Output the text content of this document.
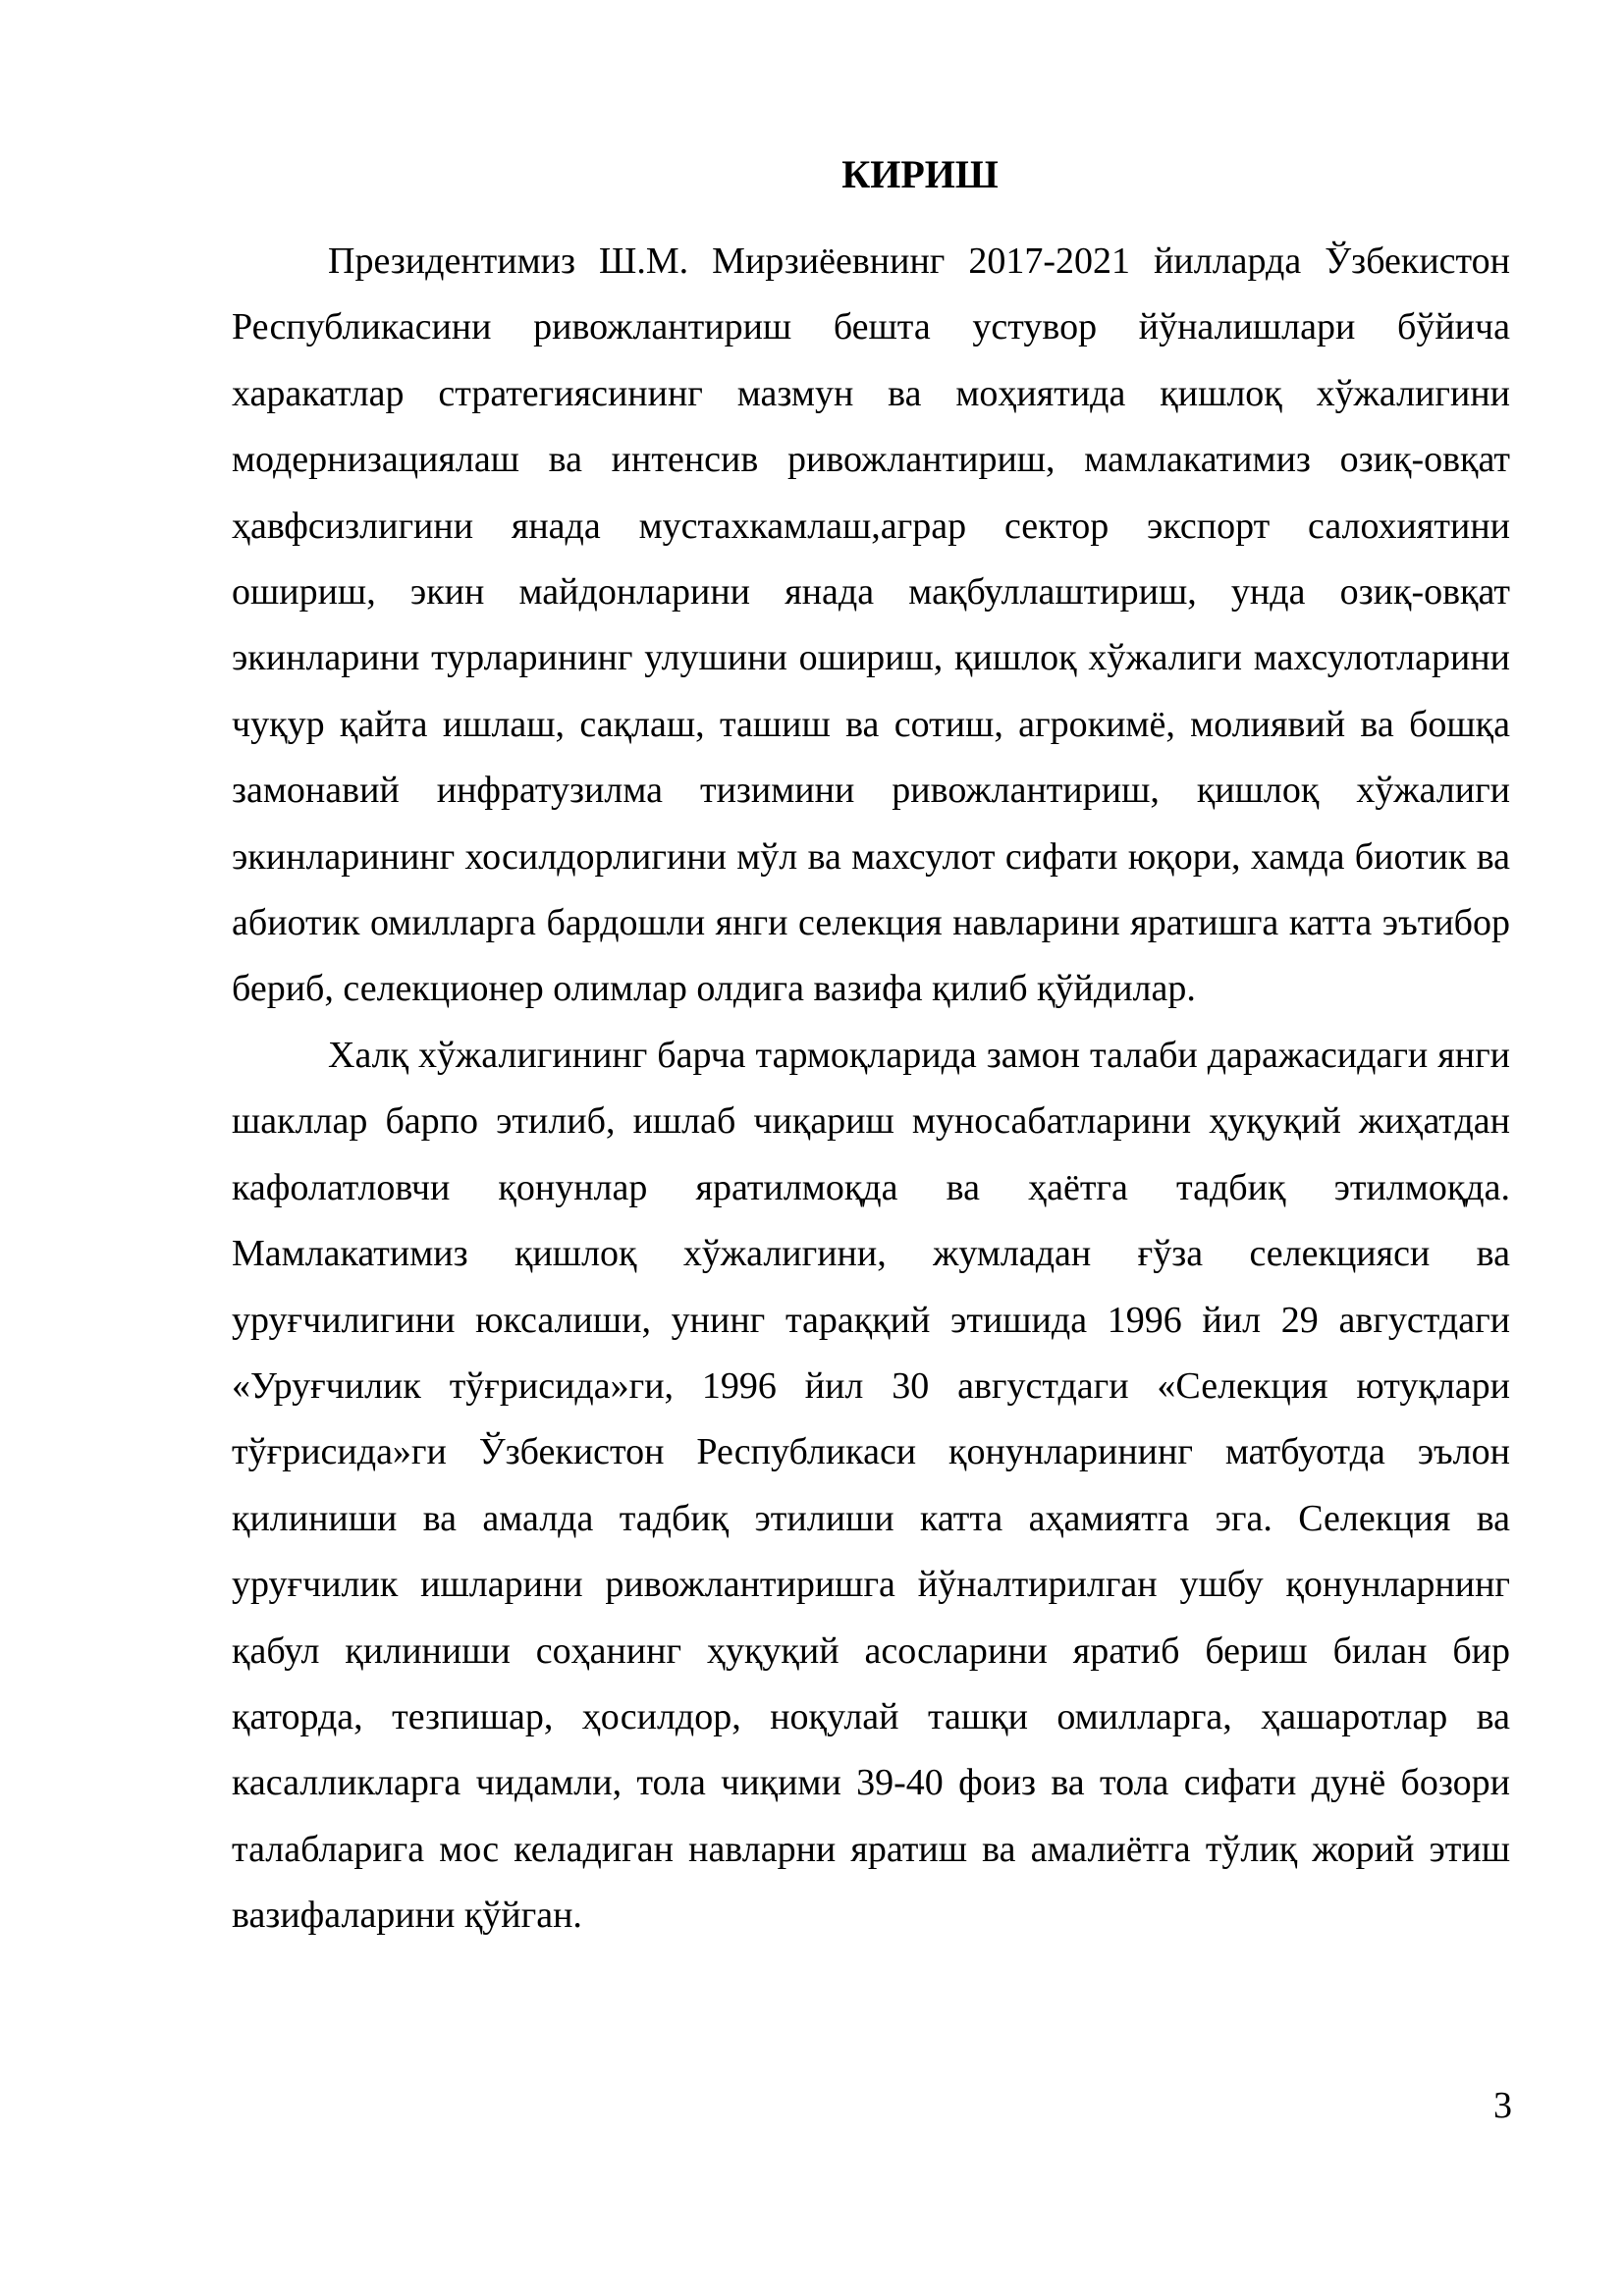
КИРИШ

Президентимиз Ш.М. Мирзиёевнинг 2017-2021 йилларда Ўзбекистон Республикасини ривожлантириш бешта устувор йўналишлари бўйича харакатлар стратегиясининг мазмун ва моҳиятида қишлоқ хўжалигини модернизациялаш ва интенсив ривожлантириш, мамлакатимиз озиқ-овқат ҳавфсизлигини янада мустахкамлаш,аграр сектор экспорт салохиятини ошириш, экин майдонларини янада мақбуллаштириш, унда озиқ-овқат экинларини турларининг улушини ошириш, қишлоқ хўжалиги махсулотларини чуқур қайта ишлаш, сақлаш, ташиш ва сотиш, агрокимё, молиявий ва бошқа замонавий инфратузилма тизимини ривожлантириш, қишлоқ хўжалиги экинларининг хосилдорлигини мўл ва махсулот сифати юқори, хамда биотик ва абиотик омилларга бардошли янги селекция навларини яратишга катта эътибор бериб, селекционер олимлар олдига вазифа қилиб қўйдилар.

Халқ хўжалигининг барча тармоқларида замон талаби даражасидаги янги шакллар барпо этилиб, ишлаб чиқариш муносабатларини ҳуқуқий жиҳатдан кафолатловчи қонунлар яратилмоқда ва ҳаётга тадбиқ этилмоқда. Мамлакатимиз қишлоқ хўжалигини, жумладан ғўза селекцияси ва уруғчилигини юксалиши, унинг тараққий этишида 1996 йил 29 августдаги «Уруғчилик тўғрисида»ги, 1996 йил 30 августдаги «Селекция ютуқлари тўғрисида»ги Ўзбекистон Республикаси қонунларининг матбуотда эълон қилиниши ва амалда тадбиқ этилиши катта аҳамиятга эга. Селекция ва уруғчилик ишларини ривожлантиришга йўналтирилган ушбу қонунларнинг қабул қилиниши соҳанинг ҳуқуқий асосларини яратиб бериш билан бир қаторда, тезпишар, ҳосилдор, ноқулай ташқи омилларга, ҳашаротлар ва касалликларга чидамли, тола чиқими 39-40 фоиз ва тола сифати дунё бозори талабларига мос келадиган навларни яратиш ва амалиётга тўлиқ жорий этиш вазифаларини қўйган.

3
